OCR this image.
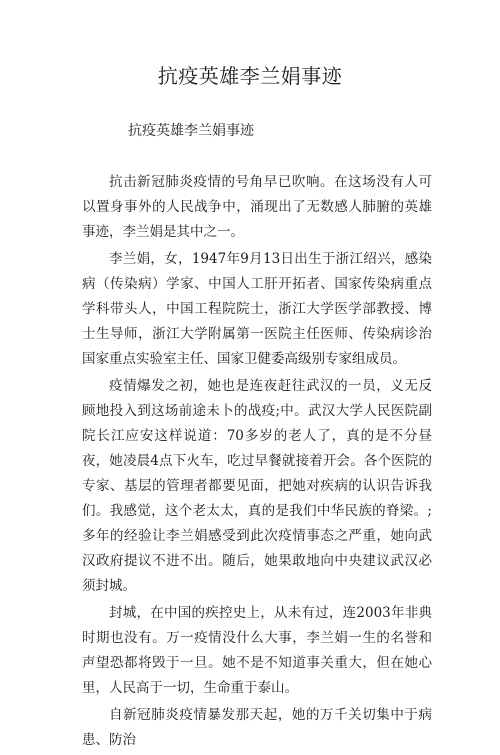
抗疫英雄李兰娟事迹
抗疫英雄李兰娟事迹

抗击新冠肺炎疫情的号角早已吹响。在这场没有人可以置身事外的人民战争中，涌现出了无数感人肺腑的英雄事迹，李兰娟是其中之一。

李兰娟，女，1947年9月13日出生于浙江绍兴，感染病（传染病）学家、中国人工肝开拓者、国家传染病重点学科带头人，中国工程院院士，浙江大学医学部教授、博士生导师，浙江大学附属第一医院主任医师、传染病诊治国家重点实验室主任、国家卫健委高级别专家组成员。

疫情爆发之初，她也是连夜赶往武汉的一员，义无反顾地投入到这场前途未卜的战疫;中。武汉大学人民医院副院长江应安这样说道：70多岁的老人了，真的是不分昼夜，她凌晨4点下火车，吃过早餐就接着开会。各个医院的专家、基层的管理者都要见面，把她对疾病的认识告诉我们。我感觉，这个老太太，真的是我们中华民族的脊梁。;多年的经验让李兰娟感受到此次疫情事态之严重，她向武汉政府提议不进不出。随后，她果敢地向中央建议武汉必须封城。

封城，在中国的疾控史上，从未有过，连2003年非典时期也没有。万一疫情没什么大事，李兰娟一生的名誉和声望恐都将毁于一旦。她不是不知道事关重大，但在她心里，人民高于一切，生命重于泰山。

自新冠肺炎疫情暴发那天起，她的万千关切集中于病患、防治
